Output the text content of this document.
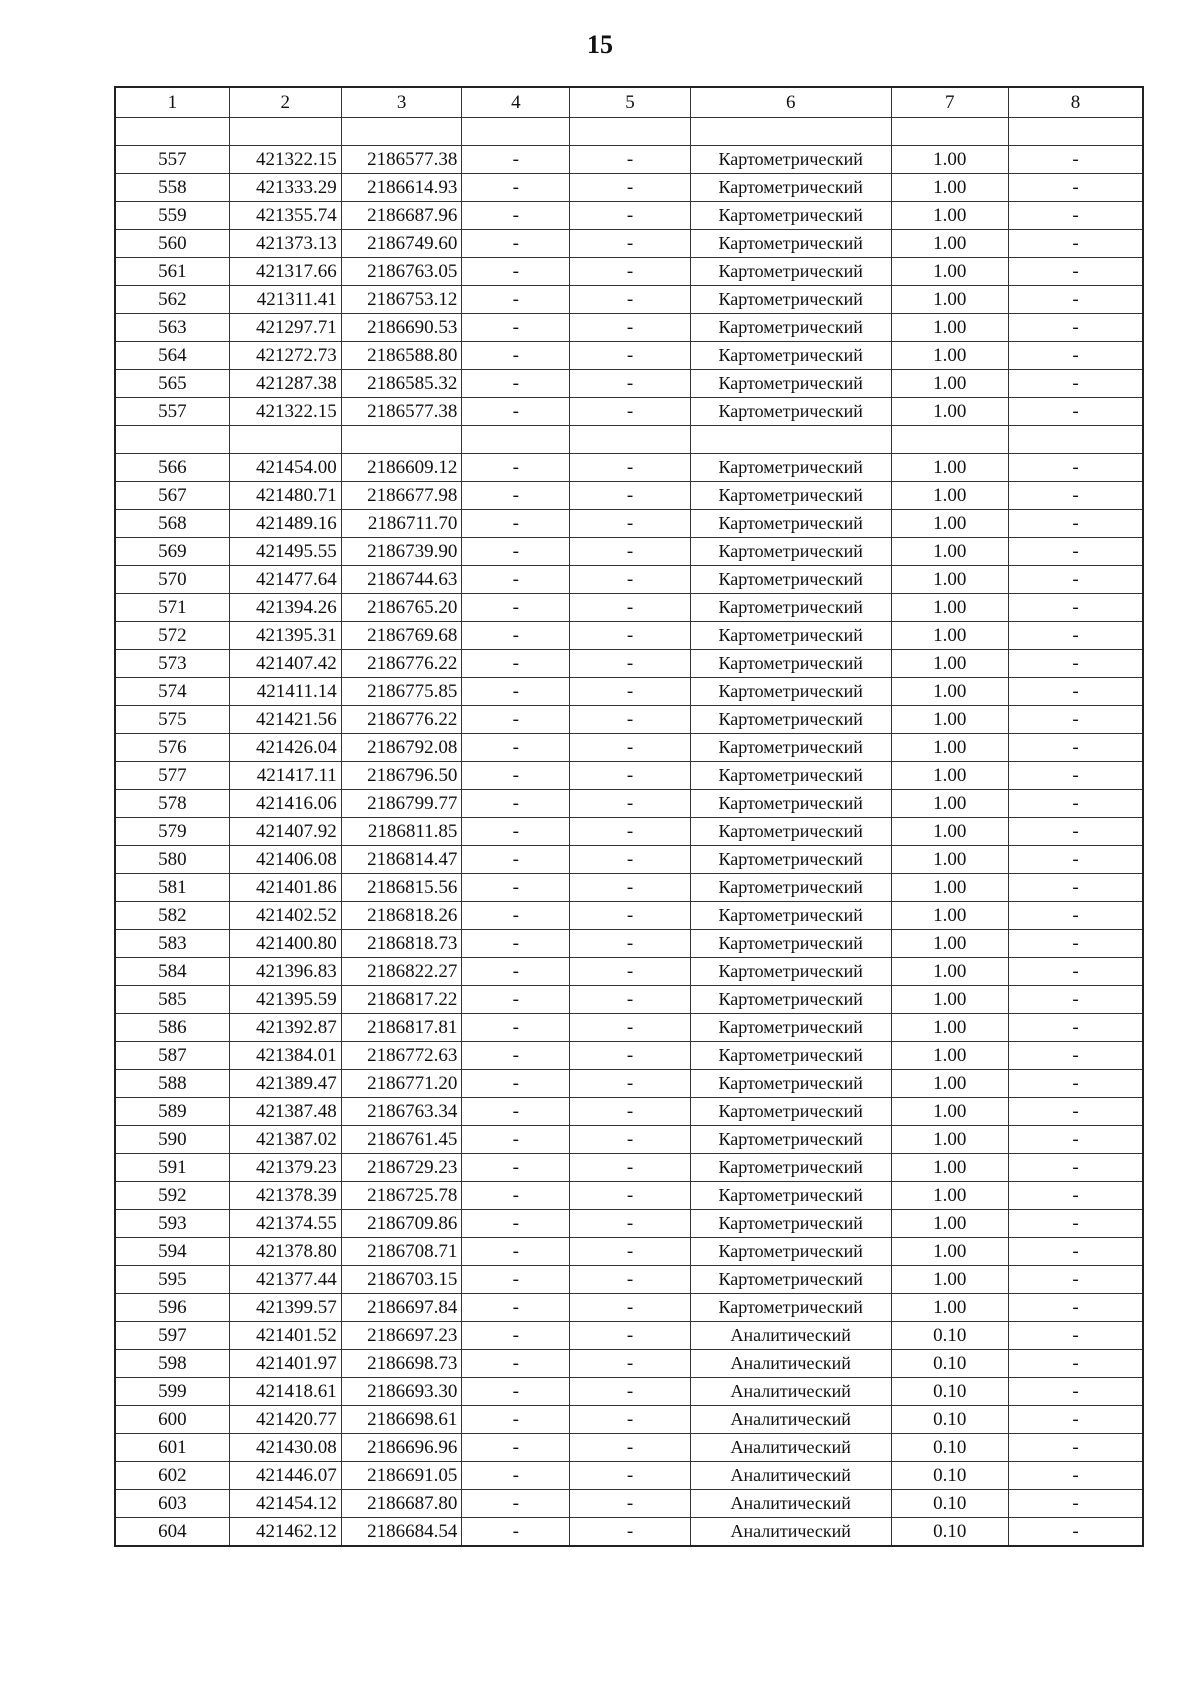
15
1	2	3	4	5	6	7	8

557	421322.15	2186577.38	-	-	Картометрический	1.00	-
558	421333.29	2186614.93	-	-	Картометрический	1.00	-
559	421355.74	2186687.96	-	-	Картометрический	1.00	-
560	421373.13	2186749.60	-	-	Картометрический	1.00	-
561	421317.66	2186763.05	-	-	Картометрический	1.00	-
562	421311.41	2186753.12	-	-	Картометрический	1.00	-
563	421297.71	2186690.53	-	-	Картометрический	1.00	-
564	421272.73	2186588.80	-	-	Картометрический	1.00	-
565	421287.38	2186585.32	-	-	Картометрический	1.00	-
557	421322.15	2186577.38	-	-	Картометрический	1.00	-

566	421454.00	2186609.12	-	-	Картометрический	1.00	-
567	421480.71	2186677.98	-	-	Картометрический	1.00	-
568	421489.16	2186711.70	-	-	Картометрический	1.00	-
569	421495.55	2186739.90	-	-	Картометрический	1.00	-
570	421477.64	2186744.63	-	-	Картометрический	1.00	-
571	421394.26	2186765.20	-	-	Картометрический	1.00	-
572	421395.31	2186769.68	-	-	Картометрический	1.00	-
573	421407.42	2186776.22	-	-	Картометрический	1.00	-
574	421411.14	2186775.85	-	-	Картометрический	1.00	-
575	421421.56	2186776.22	-	-	Картометрический	1.00	-
576	421426.04	2186792.08	-	-	Картометрический	1.00	-
577	421417.11	2186796.50	-	-	Картометрический	1.00	-
578	421416.06	2186799.77	-	-	Картометрический	1.00	-
579	421407.92	2186811.85	-	-	Картометрический	1.00	-
580	421406.08	2186814.47	-	-	Картометрический	1.00	-
581	421401.86	2186815.56	-	-	Картометрический	1.00	-
582	421402.52	2186818.26	-	-	Картометрический	1.00	-
583	421400.80	2186818.73	-	-	Картометрический	1.00	-
584	421396.83	2186822.27	-	-	Картометрический	1.00	-
585	421395.59	2186817.22	-	-	Картометрический	1.00	-
586	421392.87	2186817.81	-	-	Картометрический	1.00	-
587	421384.01	2186772.63	-	-	Картометрический	1.00	-
588	421389.47	2186771.20	-	-	Картометрический	1.00	-
589	421387.48	2186763.34	-	-	Картометрический	1.00	-
590	421387.02	2186761.45	-	-	Картометрический	1.00	-
591	421379.23	2186729.23	-	-	Картометрический	1.00	-
592	421378.39	2186725.78	-	-	Картометрический	1.00	-
593	421374.55	2186709.86	-	-	Картометрический	1.00	-
594	421378.80	2186708.71	-	-	Картометрический	1.00	-
595	421377.44	2186703.15	-	-	Картометрический	1.00	-
596	421399.57	2186697.84	-	-	Картометрический	1.00	-
597	421401.52	2186697.23	-	-	Аналитический	0.10	-
598	421401.97	2186698.73	-	-	Аналитический	0.10	-
599	421418.61	2186693.30	-	-	Аналитический	0.10	-
600	421420.77	2186698.61	-	-	Аналитический	0.10	-
601	421430.08	2186696.96	-	-	Аналитический	0.10	-
602	421446.07	2186691.05	-	-	Аналитический	0.10	-
603	421454.12	2186687.80	-	-	Аналитический	0.10	-
604	421462.12	2186684.54	-	-	Аналитический	0.10	-
